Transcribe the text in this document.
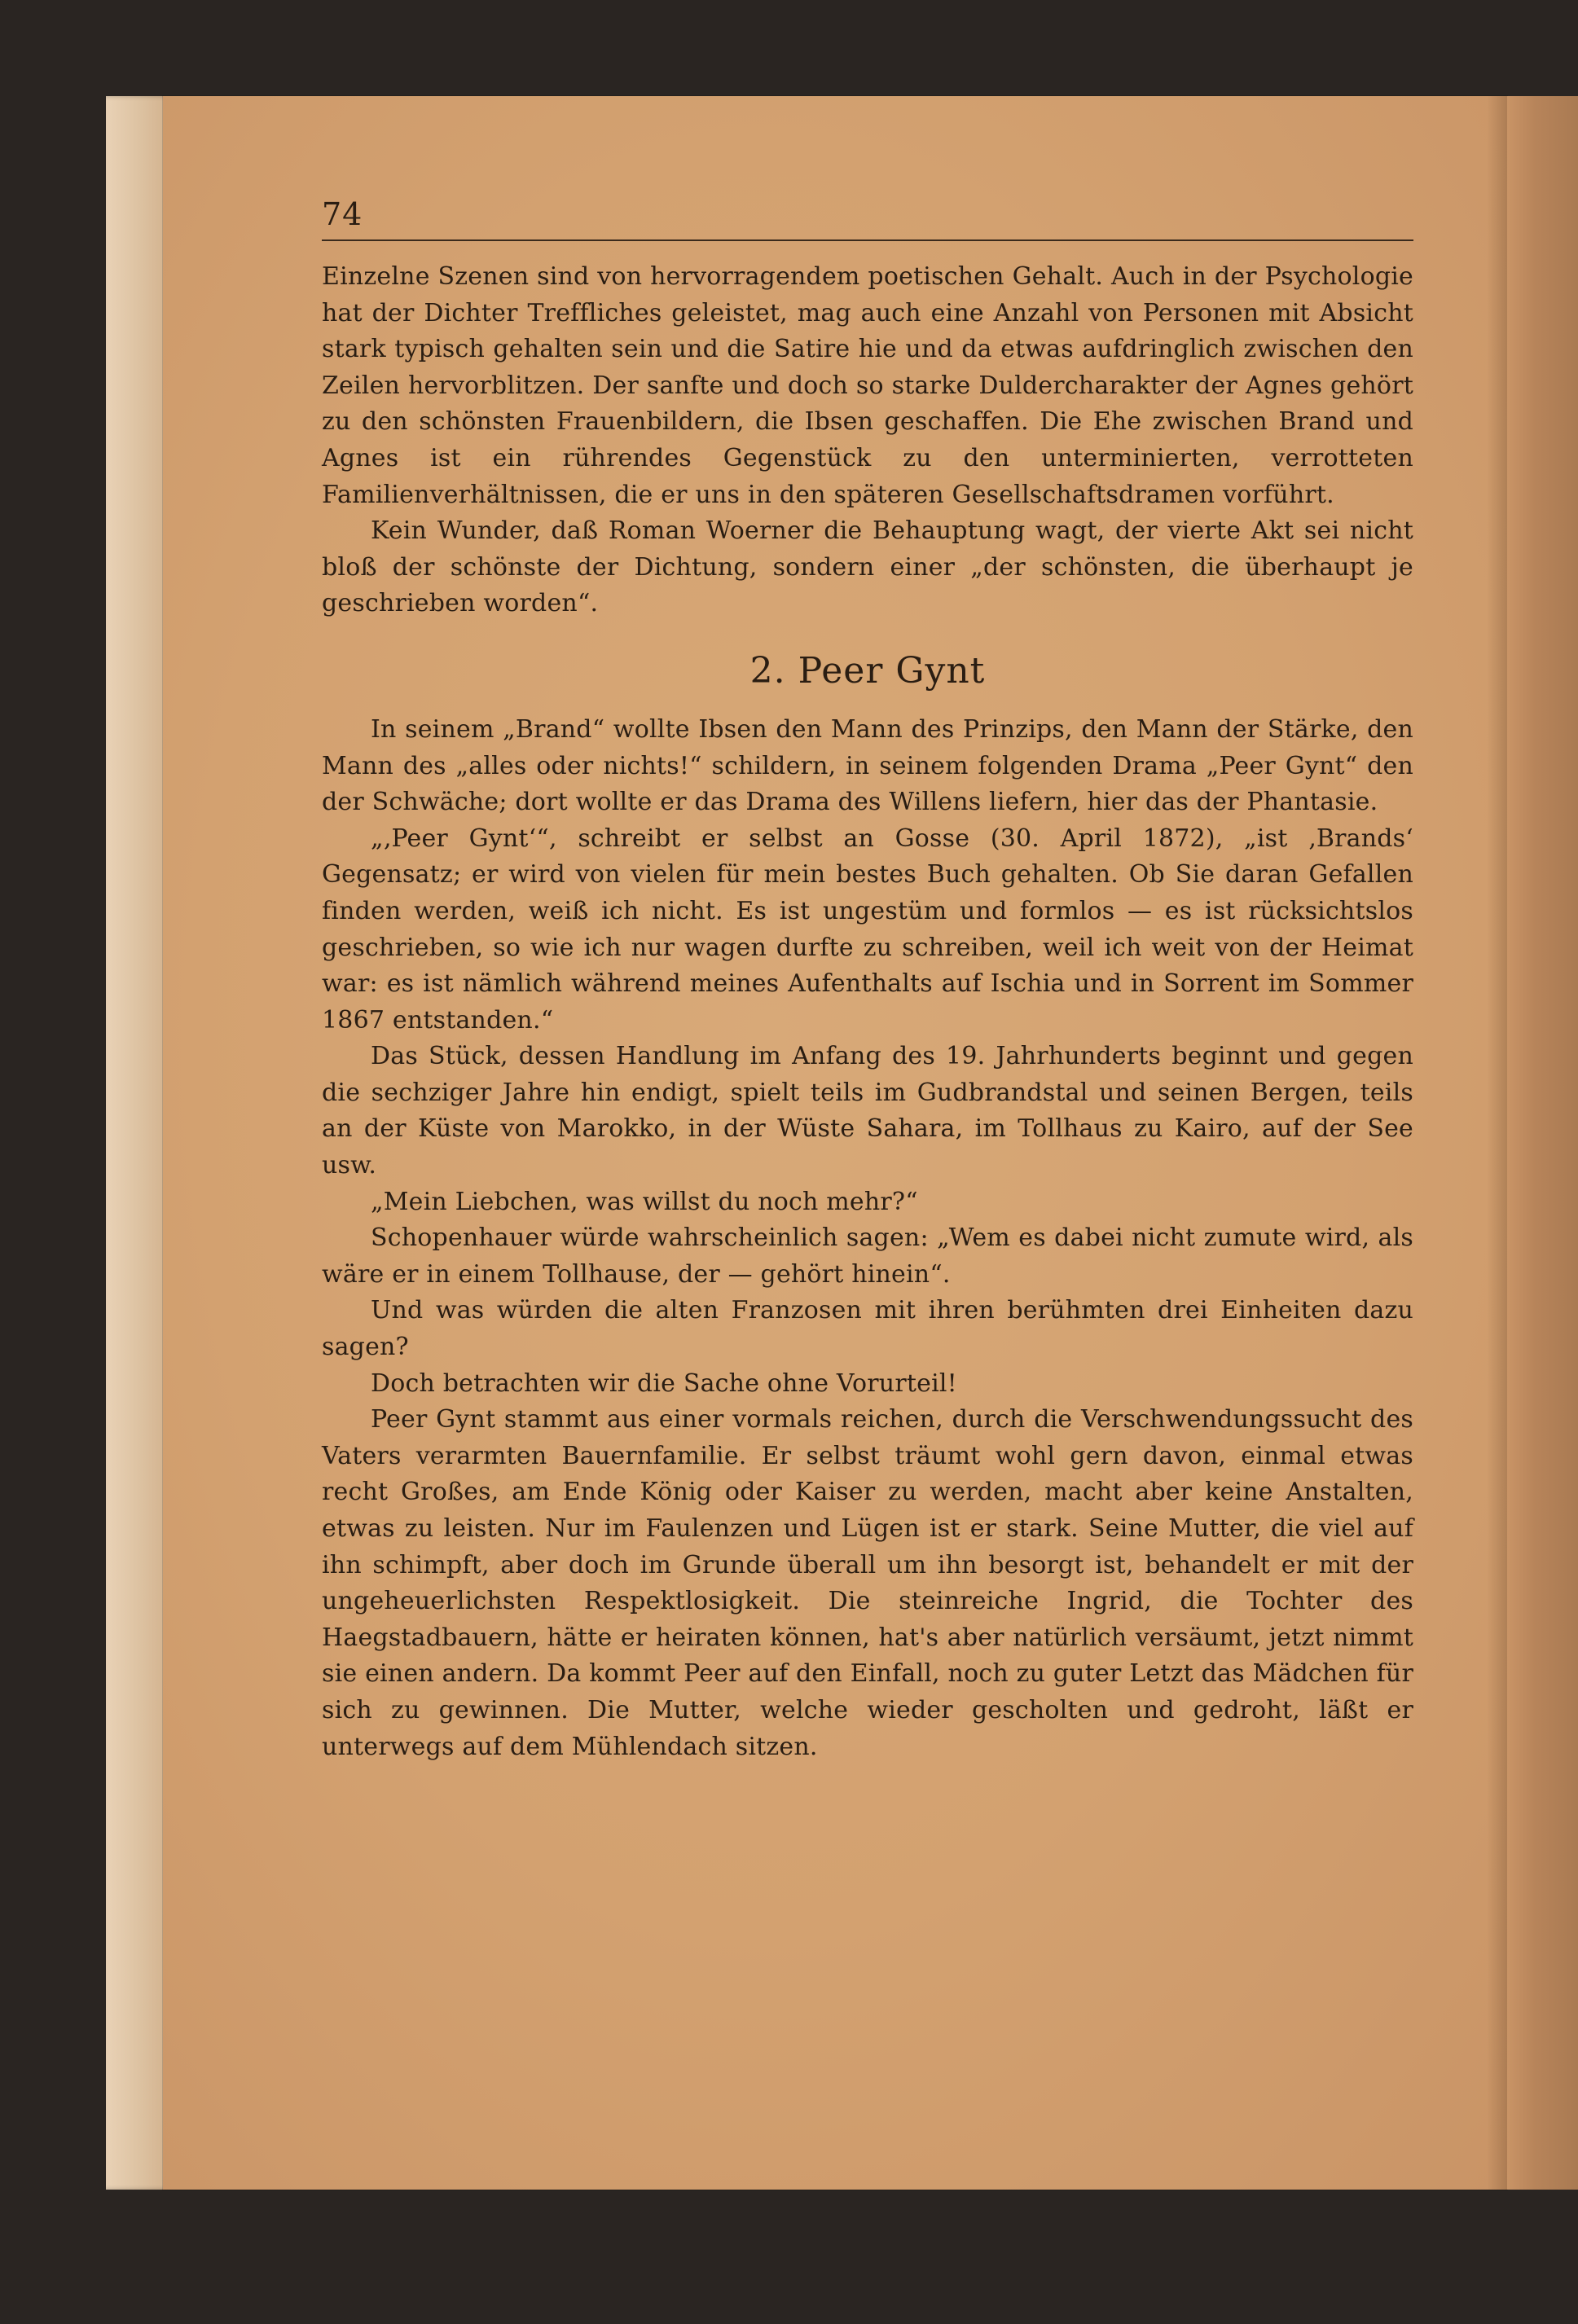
74

Einzelne Szenen sind von hervorragendem poetischen Gehalt. Auch in der Psychologie hat der Dichter Treffliches geleistet, mag auch eine Anzahl von Personen mit Absicht stark typisch gehalten sein und die Satire hie und da etwas aufdringlich zwischen den Zeilen hervorblitzen. Der sanfte und doch so starke Duldercharakter der Agnes gehört zu den schönsten Frauenbildern, die Ibsen geschaffen. Die Ehe zwischen Brand und Agnes ist ein rührendes Gegenstück zu den unterminierten, verrotteten Familienverhältnissen, die er uns in den späteren Gesellschaftsdramen vorführt.

Kein Wunder, daß Roman Woerner die Behauptung wagt, der vierte Akt sei nicht bloß der schönste der Dichtung, sondern einer „der schönsten, die überhaupt je geschrieben worden“.

2. Peer Gynt

In seinem „Brand“ wollte Ibsen den Mann des Prinzips, den Mann der Stärke, den Mann des „alles oder nichts!“ schildern, in seinem folgenden Drama „Peer Gynt“ den der Schwäche; dort wollte er das Drama des Willens liefern, hier das der Phantasie.

„‚Peer Gynt‘“, schreibt er selbst an Gosse (30. April 1872), „ist ‚Brands‘ Gegensatz; er wird von vielen für mein bestes Buch gehalten. Ob Sie daran Gefallen finden werden, weiß ich nicht. Es ist ungestüm und formlos — es ist rücksichtslos geschrieben, so wie ich nur wagen durfte zu schreiben, weil ich weit von der Heimat war: es ist nämlich während meines Aufenthalts auf Ischia und in Sorrent im Sommer 1867 entstanden.“

Das Stück, dessen Handlung im Anfang des 19. Jahrhunderts beginnt und gegen die sechziger Jahre hin endigt, spielt teils im Gudbrandstal und seinen Bergen, teils an der Küste von Marokko, in der Wüste Sahara, im Tollhaus zu Kairo, auf der See usw.

„Mein Liebchen, was willst du noch mehr?“

Schopenhauer würde wahrscheinlich sagen: „Wem es dabei nicht zumute wird, als wäre er in einem Tollhause, der — gehört hinein“.

Und was würden die alten Franzosen mit ihren berühmten drei Einheiten dazu sagen?

Doch betrachten wir die Sache ohne Vorurteil!

Peer Gynt stammt aus einer vormals reichen, durch die Verschwendungssucht des Vaters verarmten Bauernfamilie. Er selbst träumt wohl gern davon, einmal etwas recht Großes, am Ende König oder Kaiser zu werden, macht aber keine Anstalten, etwas zu leisten. Nur im Faulenzen und Lügen ist er stark. Seine Mutter, die viel auf ihn schimpft, aber doch im Grunde überall um ihn besorgt ist, behandelt er mit der ungeheuerlichsten Respektlosigkeit. Die steinreiche Ingrid, die Tochter des Haegstadbauern, hätte er heiraten können, hat's aber natürlich versäumt, jetzt nimmt sie einen andern. Da kommt Peer auf den Einfall, noch zu guter Letzt das Mädchen für sich zu gewinnen. Die Mutter, welche wieder gescholten und gedroht, läßt er unterwegs auf dem Mühlendach sitzen.
